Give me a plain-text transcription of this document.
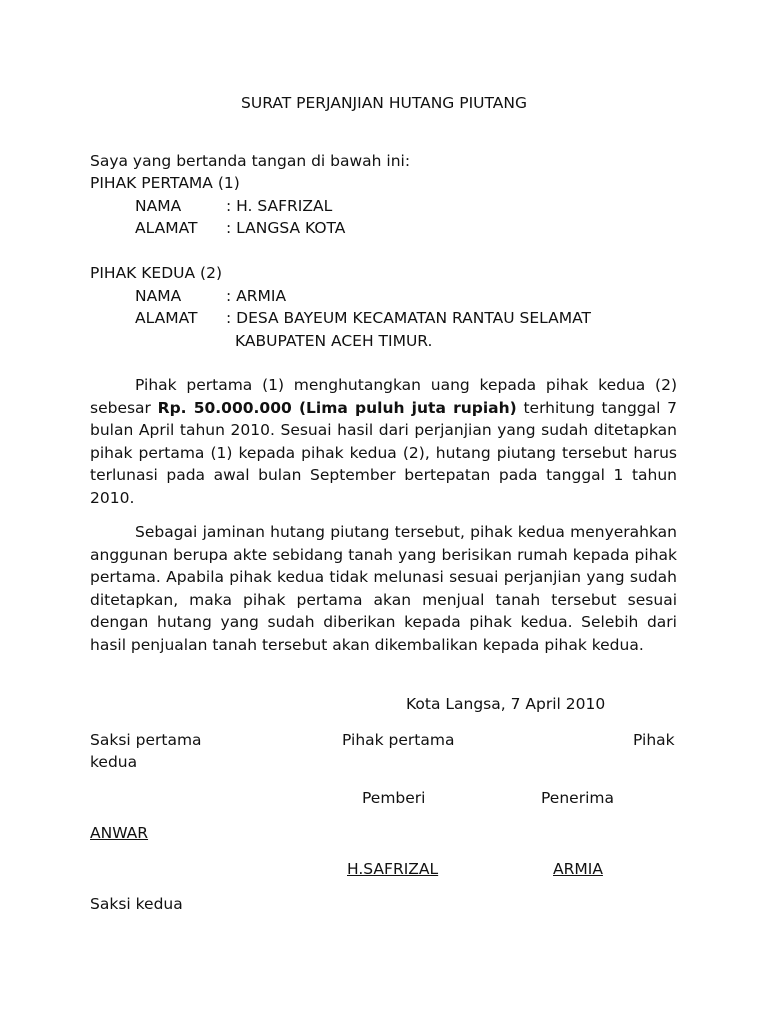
SURAT PERJANJIAN HUTANG PIUTANG
Saya yang bertanda tangan di bawah ini:
PIHAK PERTAMA (1)
NAMA	: H. SAFRIZAL
ALAMAT : LANGSA KOTA
PIHAK KEDUA (2)
NAMA	: ARMIA
ALAMAT : DESA BAYEUM KECAMATAN RANTAU SELAMAT
KABUPATEN ACEH TIMUR.
Pihak pertama (1) menghutangkan uang kepada pihak kedua (2) sebesar Rp. 50.000.000 (Lima puluh juta rupiah) terhitung tanggal 7 bulan April tahun 2010. Sesuai hasil dari perjanjian yang sudah ditetapkan pihak pertama (1) kepada pihak kedua (2), hutang piutang tersebut harus terlunasi pada awal bulan September bertepatan pada tanggal 1 tahun 2010.
Sebagai jaminan hutang piutang tersebut, pihak kedua menyerahkan anggunan berupa akte sebidang tanah yang berisikan rumah kepada pihak pertama. Apabila pihak kedua tidak melunasi sesuai perjanjian yang sudah ditetapkan, maka pihak pertama akan menjual tanah tersebut sesuai dengan hutang yang sudah diberikan kepada pihak kedua. Selebih dari hasil penjualan tanah tersebut akan dikembalikan kepada pihak kedua.
Kota Langsa, 7 April 2010
Saksi pertama	Pihak pertama	Pihak
kedua
Pemberi	Penerima
ANWAR
H.SAFRIZAL	ARMIA
Saksi kedua
